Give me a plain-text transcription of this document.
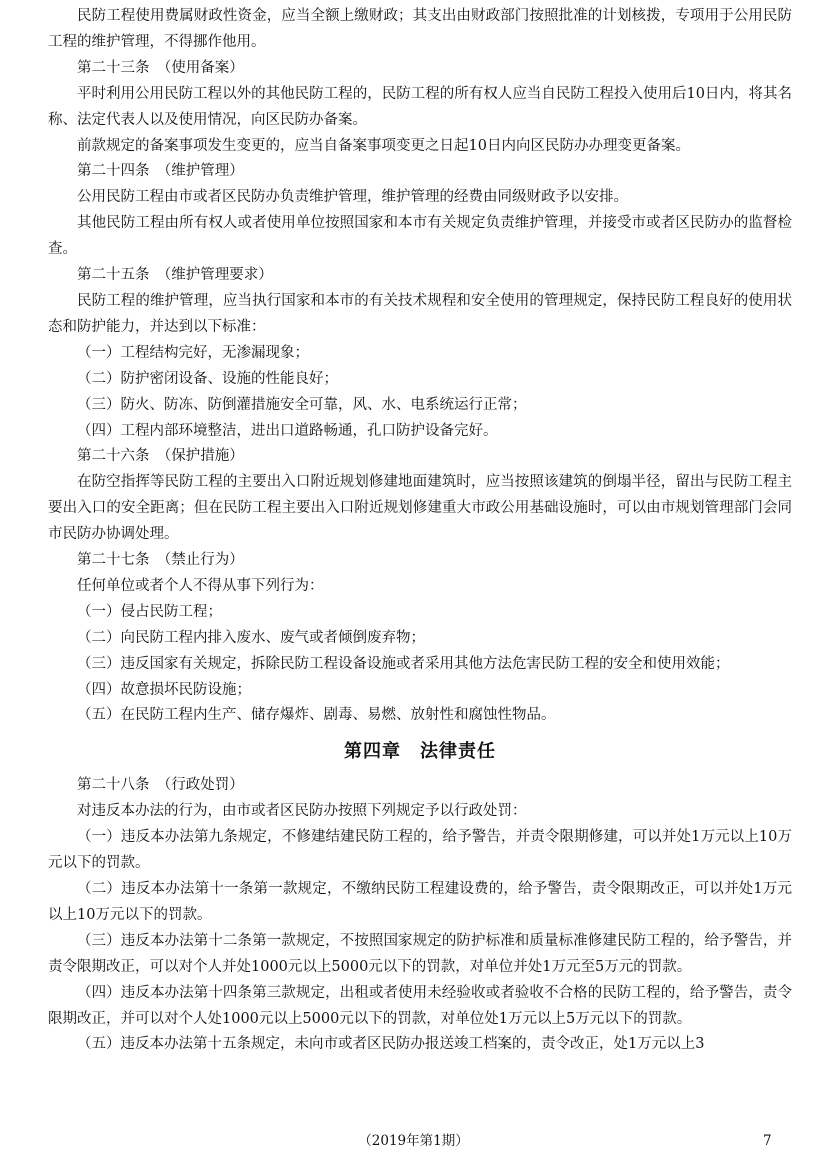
民防工程使用费属财政性资金，应当全额上缴财政；其支出由财政部门按照批准的计划核拨，专项用于公用民防工程的维护管理，不得挪作他用。

第二十三条　（使用备案）

平时利用公用民防工程以外的其他民防工程的，民防工程的所有权人应当自民防工程投入使用后10日内，将其名称、法定代表人以及使用情况，向区民防办备案。

前款规定的备案事项发生变更的，应当自备案事项变更之日起10日内向区民防办办理变更备案。

第二十四条　（维护管理）

公用民防工程由市或者区民防办负责维护管理，维护管理的经费由同级财政予以安排。

其他民防工程由所有权人或者使用单位按照国家和本市有关规定负责维护管理，并接受市或者区民防办的监督检查。

第二十五条　（维护管理要求）

民防工程的维护管理，应当执行国家和本市的有关技术规程和安全使用的管理规定，保持民防工程良好的使用状态和防护能力，并达到以下标准：

（一）工程结构完好，无渗漏现象；

（二）防护密闭设备、设施的性能良好；

（三）防火、防冻、防倒灌措施安全可靠，风、水、电系统运行正常；

（四）工程内部环境整洁，进出口道路畅通，孔口防护设备完好。

第二十六条　（保护措施）

在防空指挥等民防工程的主要出入口附近规划修建地面建筑时，应当按照该建筑的倒塌半径，留出与民防工程主要出入口的安全距离；但在民防工程主要出入口附近规划修建重大市政公用基础设施时，可以由市规划管理部门会同市民防办协调处理。

第二十七条　（禁止行为）

任何单位或者个人不得从事下列行为：

（一）侵占民防工程；

（二）向民防工程内排入废水、废气或者倾倒废弃物；

（三）违反国家有关规定，拆除民防工程设备设施或者采用其他方法危害民防工程的安全和使用效能；

（四）故意损坏民防设施；

（五）在民防工程内生产、储存爆炸、剧毒、易燃、放射性和腐蚀性物品。

第四章　法律责任

第二十八条　（行政处罚）

对违反本办法的行为，由市或者区民防办按照下列规定予以行政处罚：

（一）违反本办法第九条规定，不修建结建民防工程的，给予警告，并责令限期修建，可以并处1万元以上10万元以下的罚款。

（二）违反本办法第十一条第一款规定，不缴纳民防工程建设费的，给予警告，责令限期改正，可以并处1万元以上10万元以下的罚款。

（三）违反本办法第十二条第一款规定，不按照国家规定的防护标准和质量标准修建民防工程的，给予警告，并责令限期改正，可以对个人并处1000元以上5000元以下的罚款，对单位并处1万元至5万元的罚款。

（四）违反本办法第十四条第三款规定，出租或者使用未经验收或者验收不合格的民防工程的，给予警告，责令限期改正，并可以对个人处1000元以上5000元以下的罚款，对单位处1万元以上5万元以下的罚款。

（五）违反本办法第十五条规定，未向市或者区民防办报送竣工档案的，责令改正，处1万元以上3

（2019年第1期）	7
